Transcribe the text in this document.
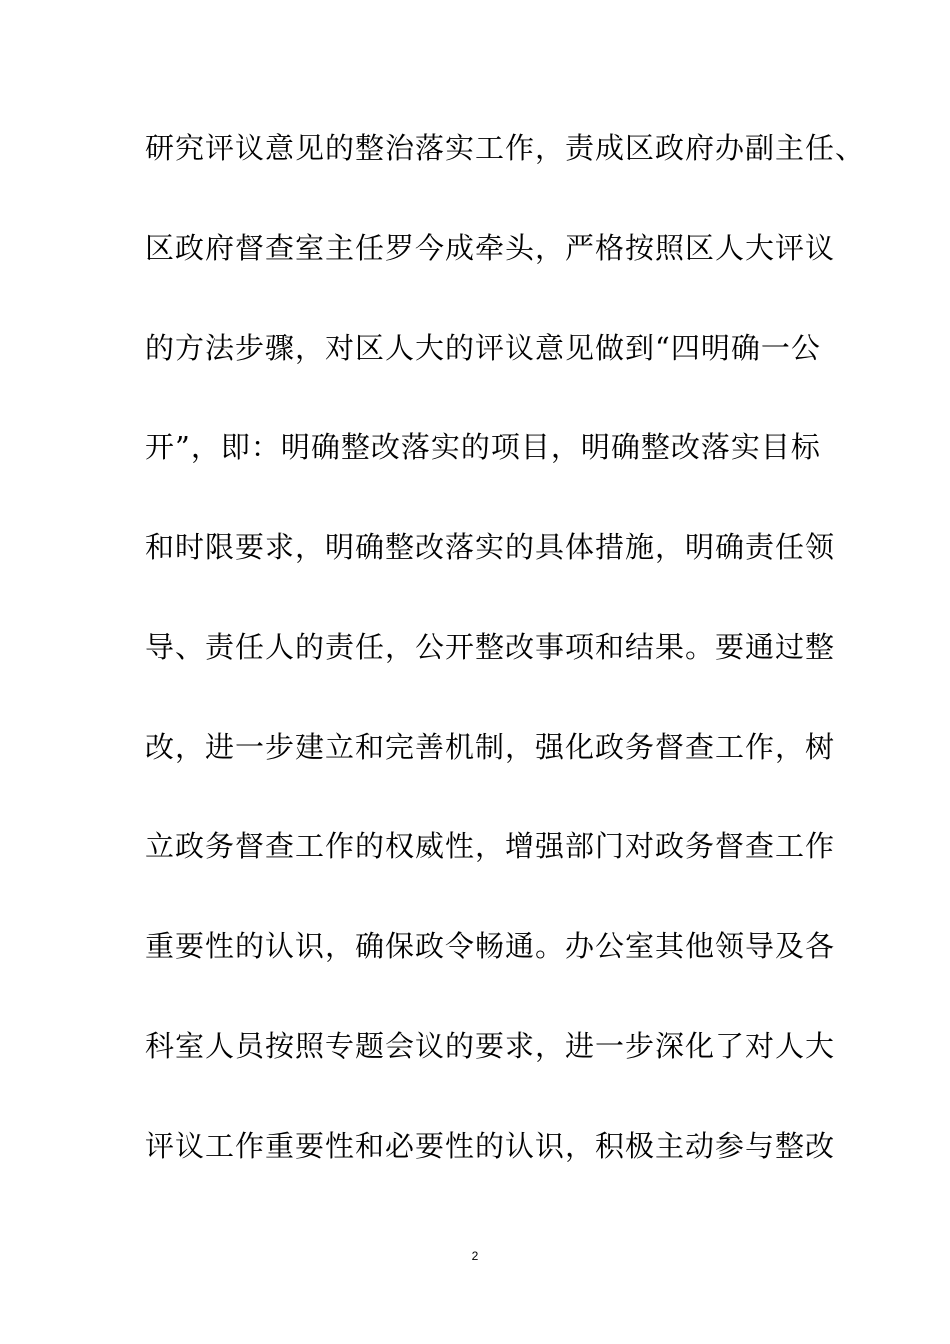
研究评议意见的整治落实工作，责成区政府办副主任、
区政府督查室主任罗今成牵头，严格按照区人大评议
的方法步骤，对区人大的评议意见做到“四明确一公
开”，即：明确整改落实的项目，明确整改落实目标
和时限要求，明确整改落实的具体措施，明确责任领
导、责任人的责任，公开整改事项和结果。要通过整
改，进一步建立和完善机制，强化政务督查工作，树
立政务督查工作的权威性，增强部门对政务督查工作
重要性的认识，确保政令畅通。办公室其他领导及各
科室人员按照专题会议的要求，进一步深化了对人大
评议工作重要性和必要性的认识，积极主动参与整改
2
